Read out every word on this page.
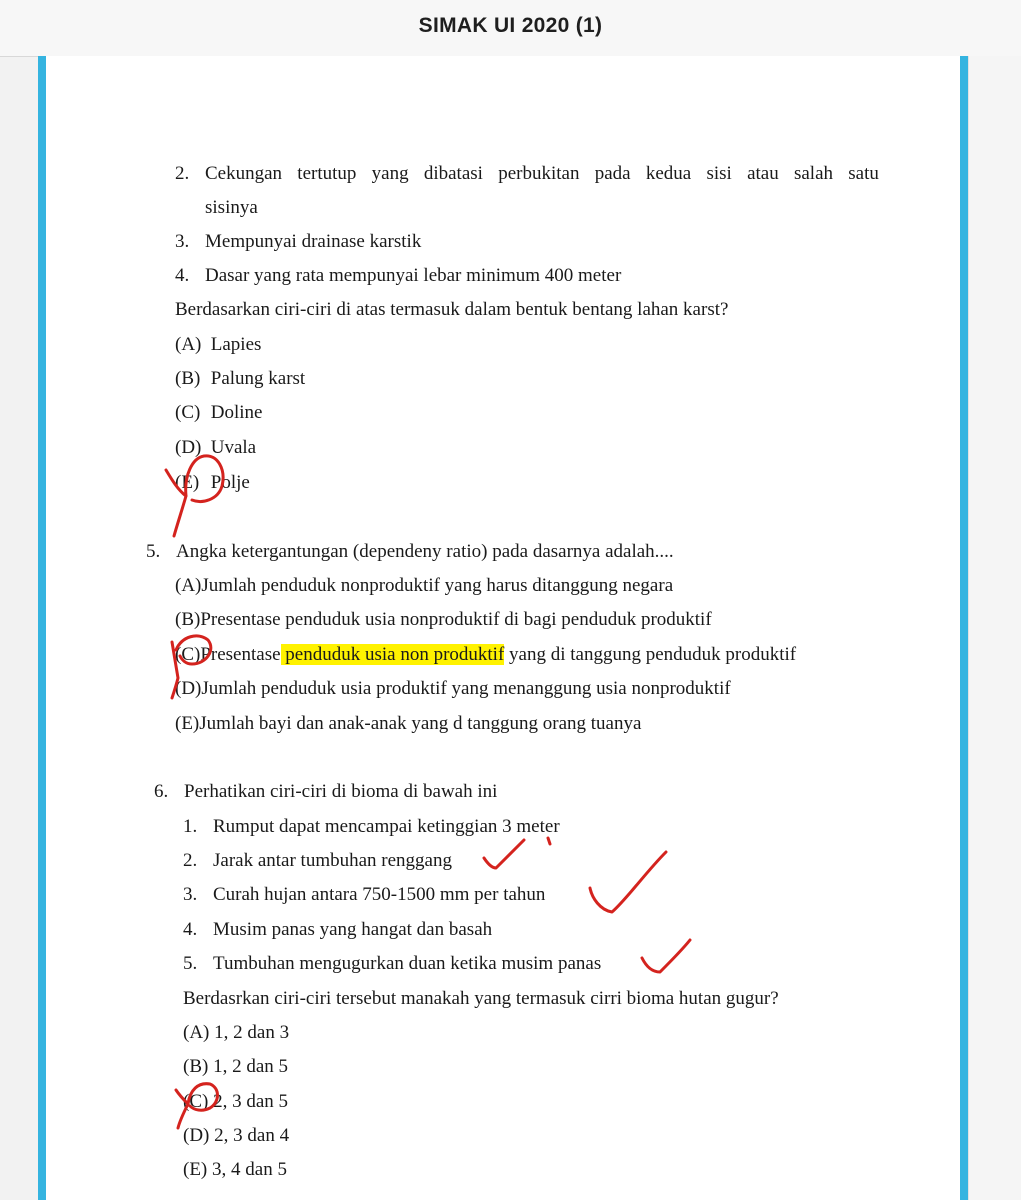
SIMAK UI 2020 (1)
2. Cekungan tertutup yang dibatasi perbukitan pada kedua sisi atau salah satu
sisinya
3. Mempunyai drainase karstik
4. Dasar yang rata mempunyai lebar minimum 400 meter
Berdasarkan ciri-ciri di atas termasuk dalam bentuk bentang lahan karst?
(A) Lapies
(B) Palung karst
(C) Doline
(D) Uvala
(E) Polje
5. Angka ketergantungan (dependeny ratio) pada dasarnya adalah....
(A)Jumlah penduduk nonproduktif yang harus ditanggung negara
(B)Presentase penduduk usia nonproduktif di bagi penduduk produktif
(C)Presentase penduduk usia non produktif yang di tanggung penduduk produktif
(D)Jumlah penduduk usia produktif yang menanggung usia nonproduktif
(E)Jumlah bayi dan anak-anak yang d tanggung orang tuanya
6. Perhatikan ciri-ciri di bioma di bawah ini
1. Rumput dapat mencampai ketinggian 3 meter
2. Jarak antar tumbuhan renggang
3. Curah hujan antara 750-1500 mm per tahun
4. Musim panas yang hangat dan basah
5. Tumbuhan mengugurkan duan ketika musim panas
Berdasrkan ciri-ciri tersebut manakah yang termasuk cirri bioma hutan gugur?
(A) 1, 2 dan 3
(B) 1, 2 dan 5
(C) 2, 3 dan 5
(D) 2, 3 dan 4
(E) 3, 4 dan 5
